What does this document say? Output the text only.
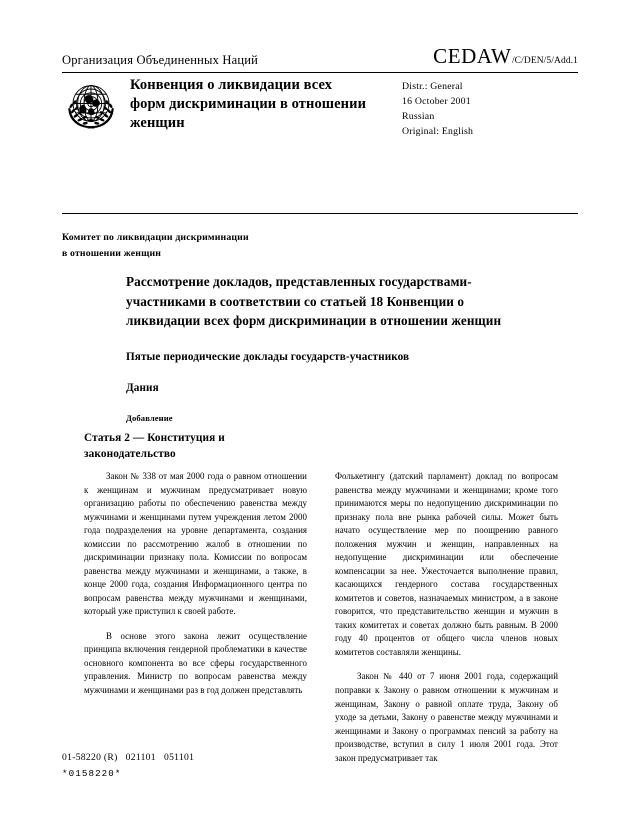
Организация Объединенных Наций	CEDAW /C/DEN/5/Add.1
Конвенция о ликвидации всех форм дискриминации в отношении женщин
Distr.: General
16 October 2001
Russian
Original: English
Комитет по ликвидации дискриминации
в отношении женщин
Рассмотрение докладов, представленных государствами-участниками в соответствии со статьей 18 Конвенции о ликвидации всех форм дискриминации в отношении женщин
Пятые периодические доклады государств-участников
Дания
Добавление
Статья 2 — Конституция и законодательство

Закон № 338 от мая 2000 года о равном отношении к женщинам и мужчинам предусматривает новую организацию работы по обеспечению равенства между мужчинами и женщинами путем учреждения летом 2000 года подразделения на уровне департамента, создания комиссии по рассмотрению жалоб в отношении по дискриминации признаку пола. Комиссии по вопросам равенства между мужчинами и женщинами, а также, в конце 2000 года, создания Информационного центра по вопросам равенства между мужчинами и женщинами, который уже приступил к своей работе.

В основе этого закона лежит осуществление принципа включения гендерной проблематики в качестве основного компонента во все сферы государственного управления. Министр по вопросам равенства между мужчинами и женщинами раз в год должен представлять

Фолькетингу (датский парламент) доклад по вопросам равенства между мужчинами и женщинами; кроме того принимаются меры по недопущению дискриминации по признаку пола вне рынка рабочей силы. Может быть начато осуществление мер по поощрению равного положения мужчин и женщин, направленных на недопущение дискриминации или обеспечение компенсации за нее. Ужесточается выполнение правил, касающихся гендерного состава государственных комитетов и советов, назначаемых министром, а в законе говорится, что представительство женщин и мужчин в таких комитетах и советах должно быть равным. В 2000 году 40 процентов от общего числа членов новых комитетов составляли женщины.

Закон № 440 от 7 июня 2001 года, содержащий поправки к Закону о равном отношении к мужчинам и женщинам, Закону о равной оплате труда, Закону об уходе за детьми, Закону о равенстве между мужчинами и женщинами и Закону о программах пенсий за работу на производстве, вступил в силу 1 июля 2001 года. Этот закон предусматривает так

01-58220 (R)   021101   051101
*0158220*
